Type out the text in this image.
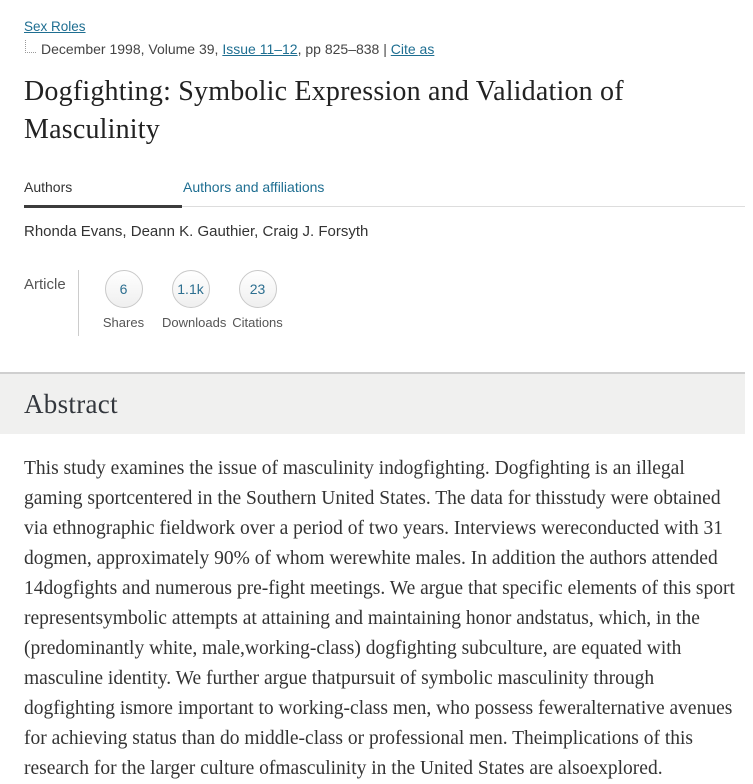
Sex Roles
December 1998, Volume 39, Issue 11–12, pp 825–838 | Cite as
Dogfighting: Symbolic Expression and Validation of Masculinity
Authors	Authors and affiliations
Rhonda Evans, Deann K. Gauthier, Craig J. Forsyth
Article	6
Shares
1.1k
Downloads
23
Citations
Abstract

This study examines the issue of masculinity indogfighting. Dogfighting is an illegal gaming sportcentered in the Southern United States. The data for thisstudy were obtained via ethnographic fieldwork over a period of two years. Interviews wereconducted with 31 dogmen, approximately 90% of whom werewhite males. In addition the authors attended 14dogfights and numerous pre-fight meetings. We argue that specific elements of this sport representsymbolic attempts at attaining and maintaining honor andstatus, which, in the (predominantly white, male,working-class) dogfighting subculture, are equated with masculine identity. We further argue thatpursuit of symbolic masculinity through dogfighting ismore important to working-class men, who possess feweralternative avenues for achieving status than do middle-class or professional men. Theimplications of this research for the larger culture ofmasculinity in the United States are alsoexplored.
